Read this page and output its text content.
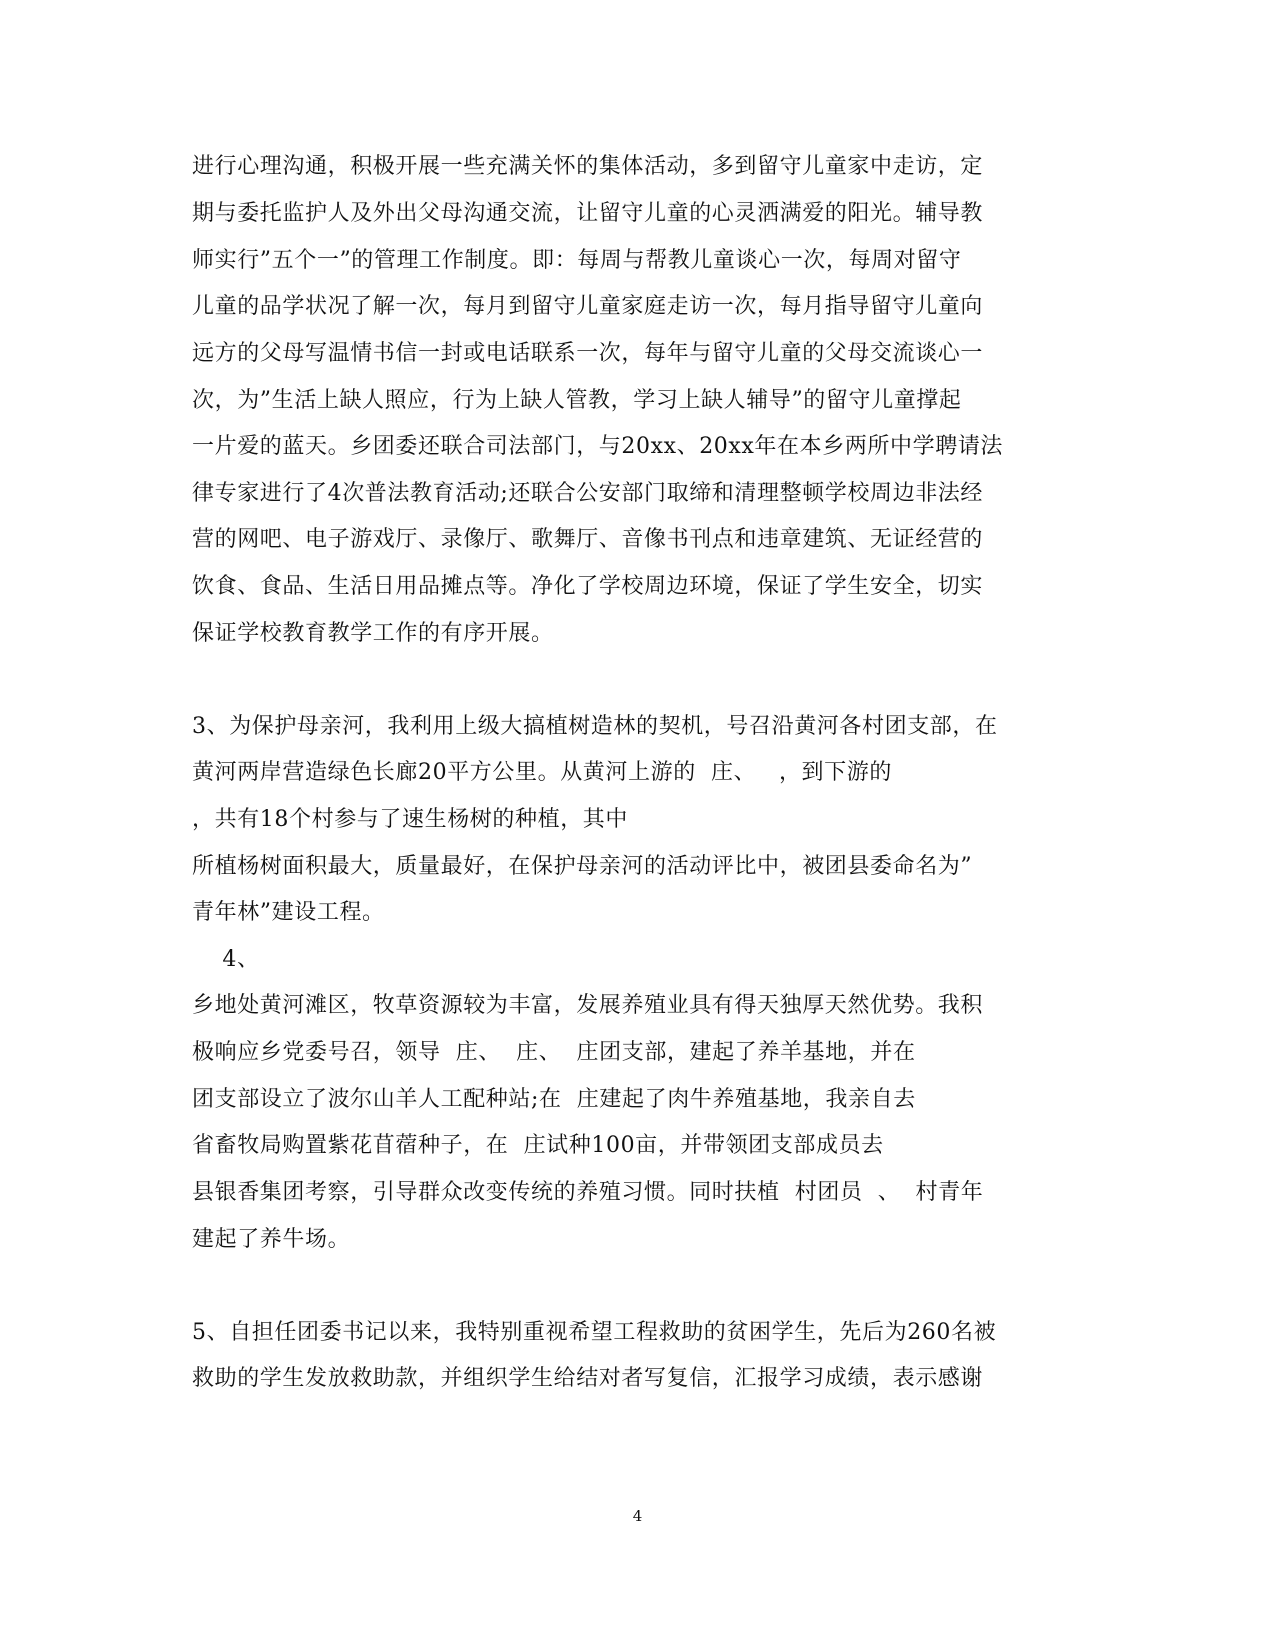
进行心理沟通，积极开展一些充满关怀的集体活动，多到留守儿童家中走访，定
期与委托监护人及外出父母沟通交流，让留守儿童的心灵洒满爱的阳光。辅导教
师实行”五个一”的管理工作制度。即：每周与帮教儿童谈心一次，每周对留守
儿童的品学状况了解一次，每月到留守儿童家庭走访一次，每月指导留守儿童向
远方的父母写温情书信一封或电话联系一次，每年与留守儿童的父母交流谈心一
次，为”生活上缺人照应，行为上缺人管教，学习上缺人辅导”的留守儿童撑起
一片爱的蓝天。乡团委还联合司法部门，与20xx、20xx年在本乡两所中学聘请法
律专家进行了4次普法教育活动;还联合公安部门取缔和清理整顿学校周边非法经
营的网吧、电子游戏厅、录像厅、歌舞厅、音像书刊点和违章建筑、无证经营的
饮食、食品、生活日用品摊点等。净化了学校周边环境，保证了学生安全，切实
保证学校教育教学工作的有序开展。
3、为保护母亲河，我利用上级大搞植树造林的契机，号召沿黄河各村团支部，在
黄河两岸营造绿色长廊20平方公里。从黄河上游的  庄、   ，到下游的
，共有18个村参与了速生杨树的种植，其中
所植杨树面积最大，质量最好，在保护母亲河的活动评比中，被团县委命名为”
青年林”建设工程。
4、
乡地处黄河滩区，牧草资源较为丰富，发展养殖业具有得天独厚天然优势。我积
极响应乡党委号召，领导  庄、  庄、  庄团支部，建起了养羊基地，并在
团支部设立了波尔山羊人工配种站;在  庄建起了肉牛养殖基地，我亲自去
省畜牧局购置紫花苜蓿种子，在  庄试种100亩，并带领团支部成员去
县银香集团考察，引导群众改变传统的养殖习惯。同时扶植  村团员  、  村青年
建起了养牛场。
5、自担任团委书记以来，我特别重视希望工程救助的贫困学生，先后为260名被
救助的学生发放救助款，并组织学生给结对者写复信，汇报学习成绩，表示感谢
4
